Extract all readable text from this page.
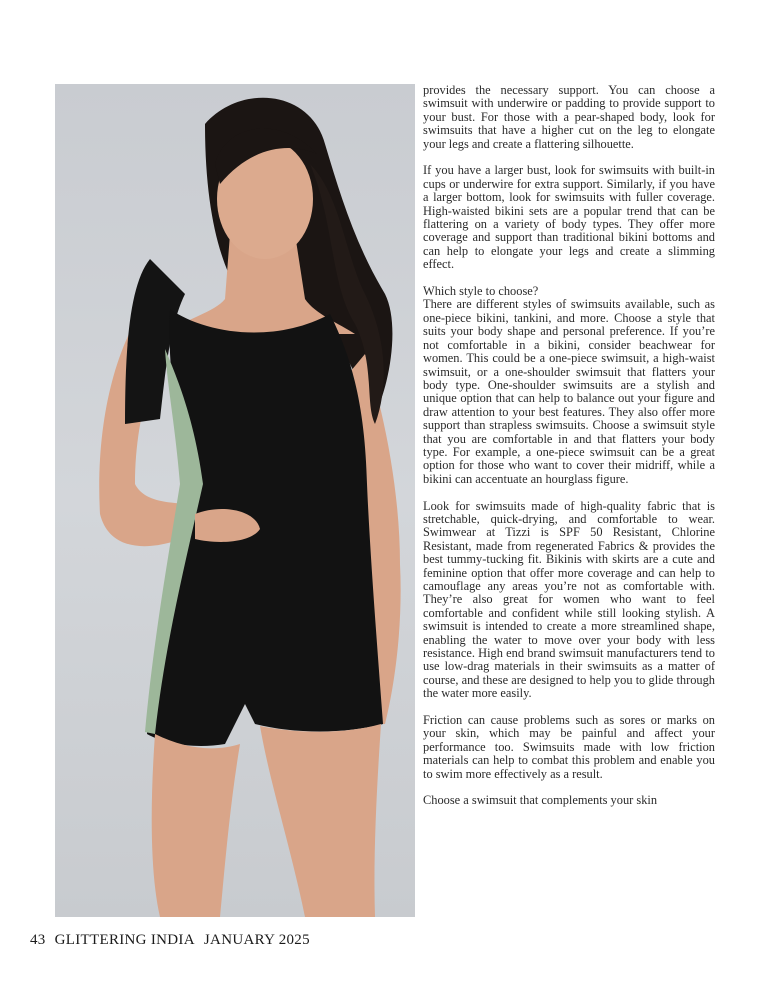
provides the necessary support. You can choose a swimsuit with underwire or padding to provide support to your bust. For those with a pear-shaped body, look for swimsuits that have a higher cut on the leg to elongate your legs and create a flattering silhouette.

If you have a larger bust, look for swimsuits with built-in cups or underwire for extra support. Similarly, if you have a larger bottom, look for swimsuits with fuller coverage. High-waisted bikini sets are a popular trend that can be flattering on a variety of body types. They offer more coverage and support than traditional bikini bottoms and can help to elongate your legs and create a slimming effect.

Which style to choose?

There are different styles of swimsuits available, such as one-piece bikini, tankini, and more. Choose a style that suits your body shape and personal preference. If you’re not comfortable in a bikini, consider beachwear for women. This could be a one-piece swimsuit, a high-waist swimsuit, or a one-shoulder swimsuit that flatters your body type. One-shoulder swimsuits are a stylish and unique option that can help to balance out your figure and draw attention to your best features. They also offer more support than strapless swimsuits. Choose a swimsuit style that you are comfortable in and that flatters your body type. For example, a one-piece swimsuit can be a great option for those who want to cover their midriff, while a bikini can accentuate an hourglass figure.

Look for swimsuits made of high-quality fabric that is stretchable, quick-drying, and comfortable to wear. Swimwear at Tizzi is SPF 50 Resistant, Chlorine Resistant, made from regenerated Fabrics & provides the best tummy-tucking fit. Bikinis with skirts are a cute and feminine option that offer more coverage and can help to camouflage any areas you’re not as comfortable with. They’re also great for women who want to feel comfortable and confident while still looking stylish. A swimsuit is intended to create a more streamlined shape, enabling the water to move over your body with less resistance. High end brand swimsuit manufacturers tend to use low-drag materials in their swimsuits as a matter of course, and these are designed to help you to glide through the water more easily.

Friction can cause problems such as sores or marks on your skin, which may be painful and affect your performance too. Swimsuits made with low friction materials can help to combat this problem and enable you to swim more effectively as a result.

Choose a swimsuit that complements your skin

43 GLITTERING INDIA JANUARY 2025
